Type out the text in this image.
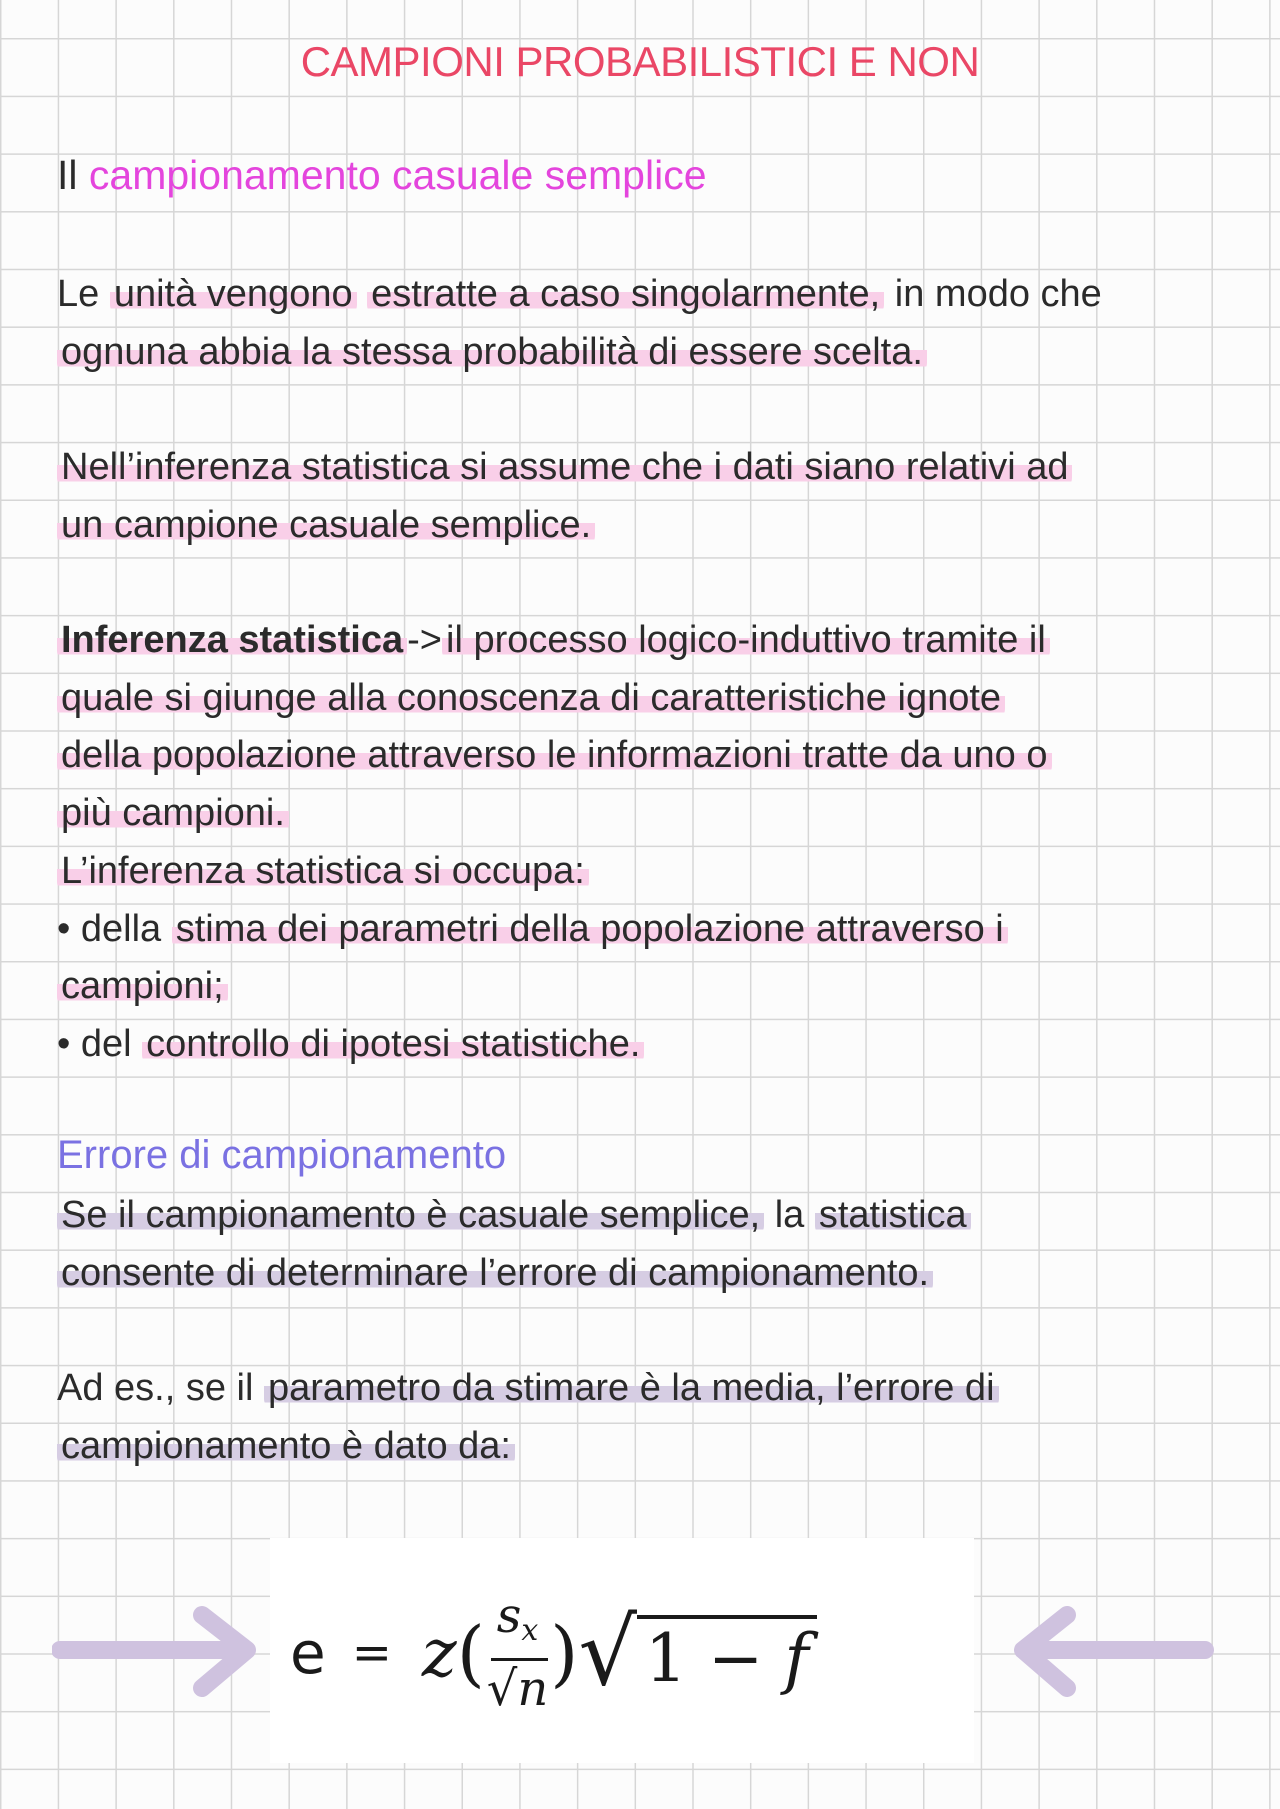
CAMPIONI PROBABILISTICI E NON
Il campionamento casuale semplice
Le unità vengono estratte a caso singolarmente, in modo che
ognuna abbia la stessa probabilità di essere scelta.
Nell’inferenza statistica si assume che i dati siano relativi ad
un campione casuale semplice.
Inferenza statistica -> il processo logico-induttivo tramite il
quale si giunge alla conoscenza di caratteristiche ignote
della popolazione attraverso le informazioni tratte da uno o
più campioni.
L’inferenza statistica si occupa:
• della stima dei parametri della popolazione attraverso i
campioni;
• del controllo di ipotesi statistiche.
Errore di campionamento
Se il campionamento è casuale semplice, la statistica
consente di determinare l’errore di campionamento.
Ad es., se il parametro da stimare è la media, l’errore di
campionamento è dato da:
e = z ( $\frac{s_x}{√n}$ ) √ 1 − f
